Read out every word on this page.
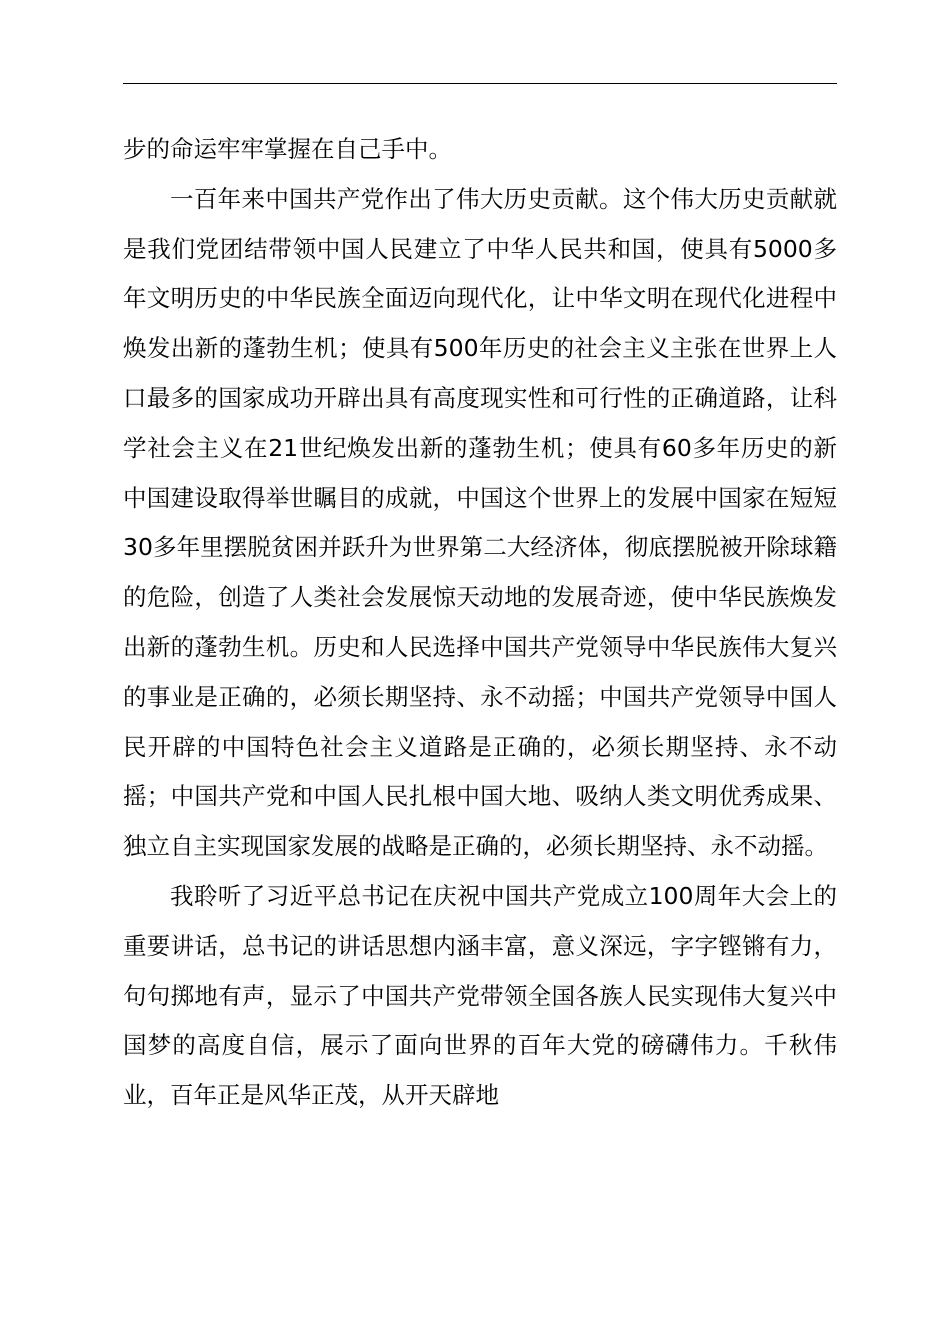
步的命运牢牢掌握在自己手中。

一百年来中国共产党作出了伟大历史贡献。这个伟大历史贡献就是我们党团结带领中国人民建立了中华人民共和国，使具有5000多年文明历史的中华民族全面迈向现代化，让中华文明在现代化进程中焕发出新的蓬勃生机；使具有500年历史的社会主义主张在世界上人口最多的国家成功开辟出具有高度现实性和可行性的正确道路，让科学社会主义在21世纪焕发出新的蓬勃生机；使具有60多年历史的新中国建设取得举世瞩目的成就，中国这个世界上的发展中国家在短短30多年里摆脱贫困并跃升为世界第二大经济体，彻底摆脱被开除球籍的危险，创造了人类社会发展惊天动地的发展奇迹，使中华民族焕发出新的蓬勃生机。历史和人民选择中国共产党领导中华民族伟大复兴的事业是正确的，必须长期坚持、永不动摇；中国共产党领导中国人民开辟的中国特色社会主义道路是正确的，必须长期坚持、永不动摇；中国共产党和中国人民扎根中国大地、吸纳人类文明优秀成果、独立自主实现国家发展的战略是正确的，必须长期坚持、永不动摇。

我聆听了习近平总书记在庆祝中国共产党成立100周年大会上的重要讲话，总书记的讲话思想内涵丰富，意义深远，字字铿锵有力，句句掷地有声，显示了中国共产党带领全国各族人民实现伟大复兴中国梦的高度自信，展示了面向世界的百年大党的磅礴伟力。千秋伟业，百年正是风华正茂，从开天辟地
